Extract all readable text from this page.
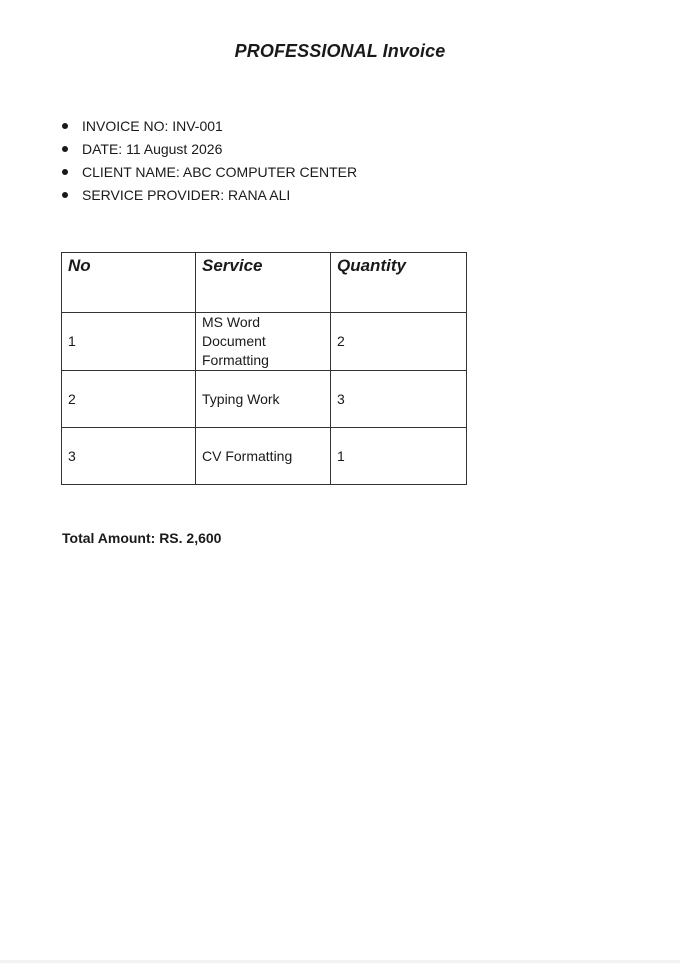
PROFESSIONAL Invoice
INVOICE NO: INV-001
DATE: 11 August 2026
CLIENT NAME: ABC COMPUTER CENTER
SERVICE PROVIDER: RANA ALI
No	Service	Quantity
1	MS Word Document Formatting	2
2	Typing Work	3
3	CV Formatting	1
Total Amount: RS. 2,600
